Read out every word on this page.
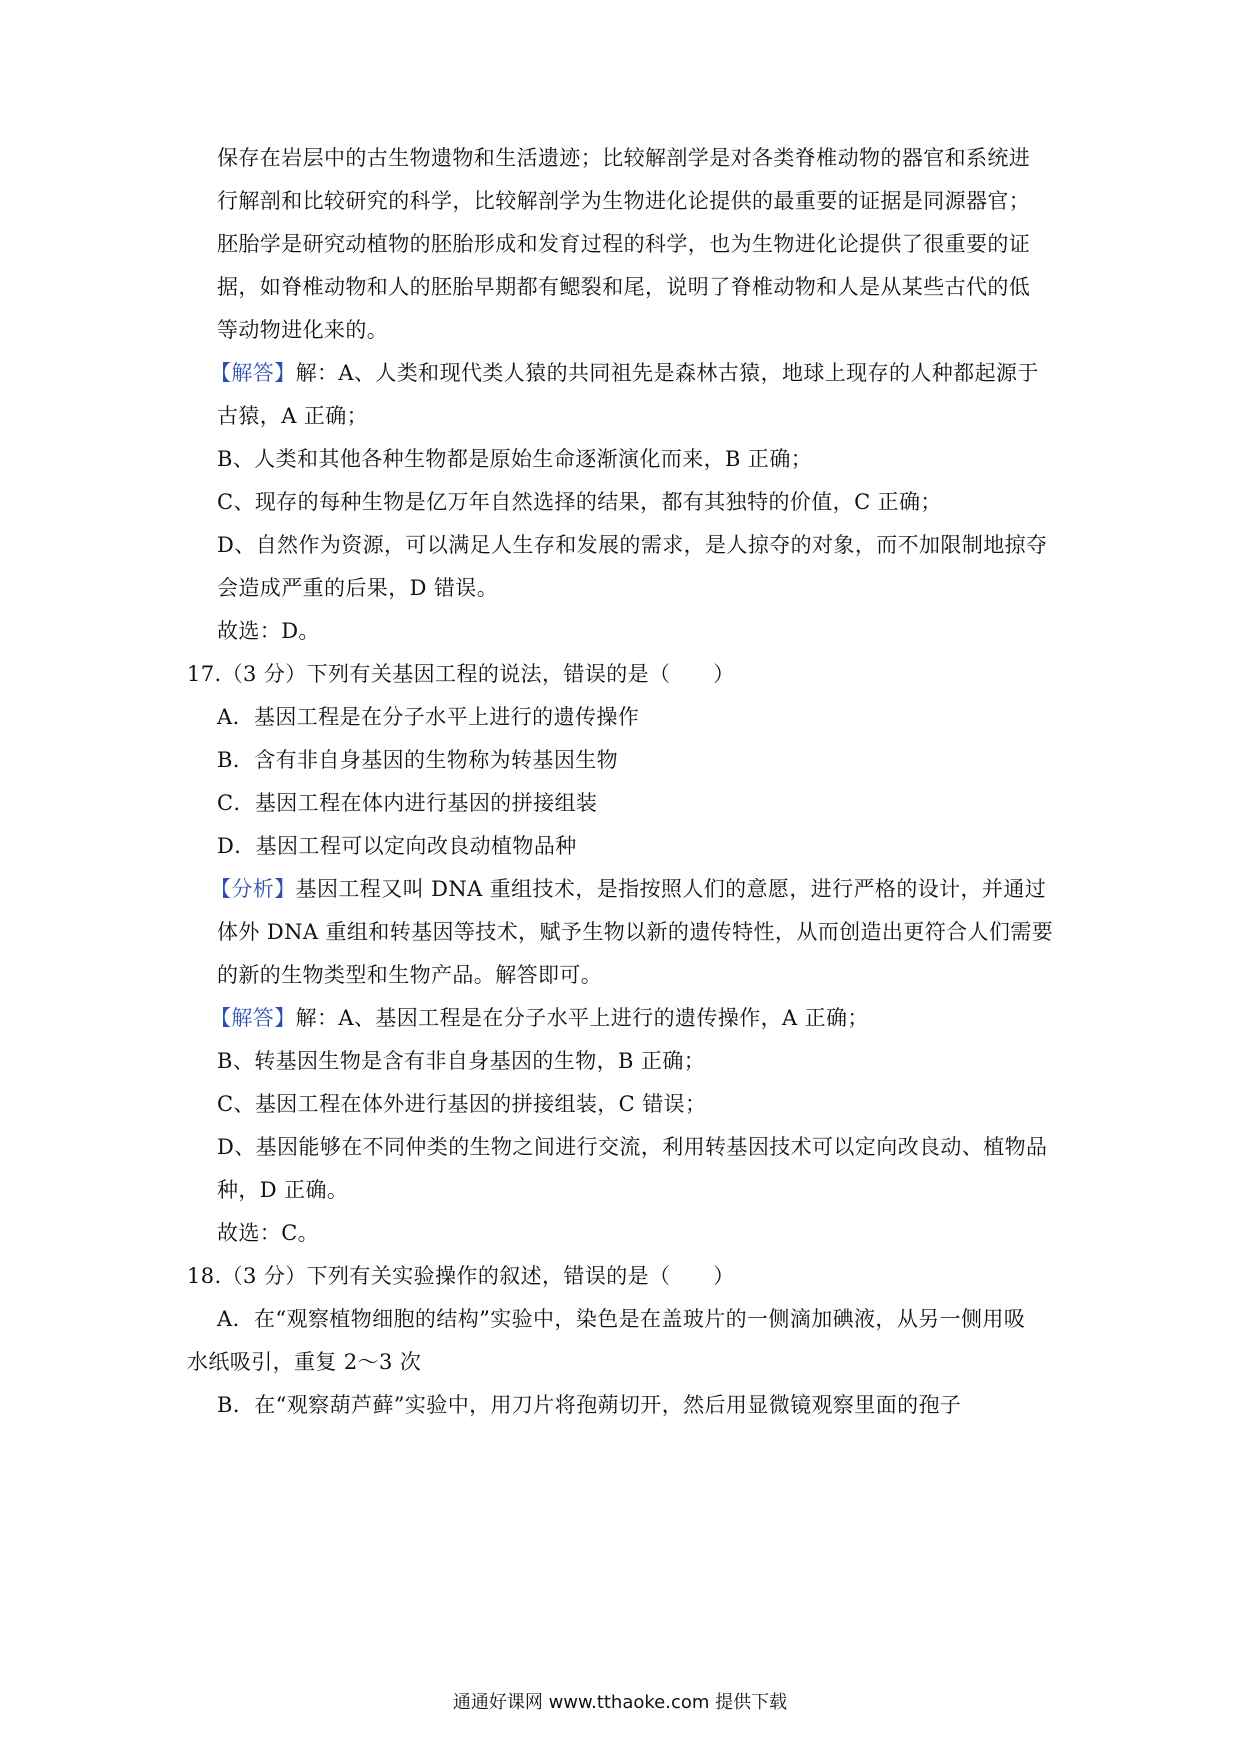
保存在岩层中的古生物遗物和生活遗迹；比较解剖学是对各类脊椎动物的器官和系统进
行解剖和比较研究的科学，比较解剖学为生物进化论提供的最重要的证据是同源器官；
胚胎学是研究动植物的胚胎形成和发育过程的科学，也为生物进化论提供了很重要的证
据，如脊椎动物和人的胚胎早期都有鳃裂和尾，说明了脊椎动物和人是从某些古代的低
等动物进化来的。
【解答】解：A、人类和现代类人猿的共同祖先是森林古猿，地球上现存的人种都起源于
古猿，A 正确；
B、人类和其他各种生物都是原始生命逐渐演化而来，B 正确；
C、现存的每种生物是亿万年自然选择的结果，都有其独特的价值，C 正确；
D、自然作为资源，可以满足人生存和发展的需求，是人掠夺的对象，而不加限制地掠夺
会造成严重的后果，D 错误。
故选：D。
17.（3 分）下列有关基因工程的说法，错误的是（　　）
A．基因工程是在分子水平上进行的遗传操作
B．含有非自身基因的生物称为转基因生物
C．基因工程在体内进行基因的拼接组装
D．基因工程可以定向改良动植物品种
【分析】基因工程又叫 DNA 重组技术，是指按照人们的意愿，进行严格的设计，并通过
体外 DNA 重组和转基因等技术，赋予生物以新的遗传特性，从而创造出更符合人们需要
的新的生物类型和生物产品。解答即可。
【解答】解：A、基因工程是在分子水平上进行的遗传操作，A 正确；
B、转基因生物是含有非自身基因的生物，B 正确；
C、基因工程在体外进行基因的拼接组装，C 错误；
D、基因能够在不同仲类的生物之间进行交流，利用转基因技术可以定向改良动、植物品
种，D 正确。
故选：C。
18.（3 分）下列有关实验操作的叙述，错误的是（　　）
A．在“观察植物细胞的结构”实验中，染色是在盖玻片的一侧滴加碘液，从另一侧用吸
水纸吸引，重复 2～3 次
B．在“观察葫芦藓”实验中，用刀片将孢蒴切开，然后用显微镜观察里面的孢子
通通好课网 www.tthaoke.com 提供下载
